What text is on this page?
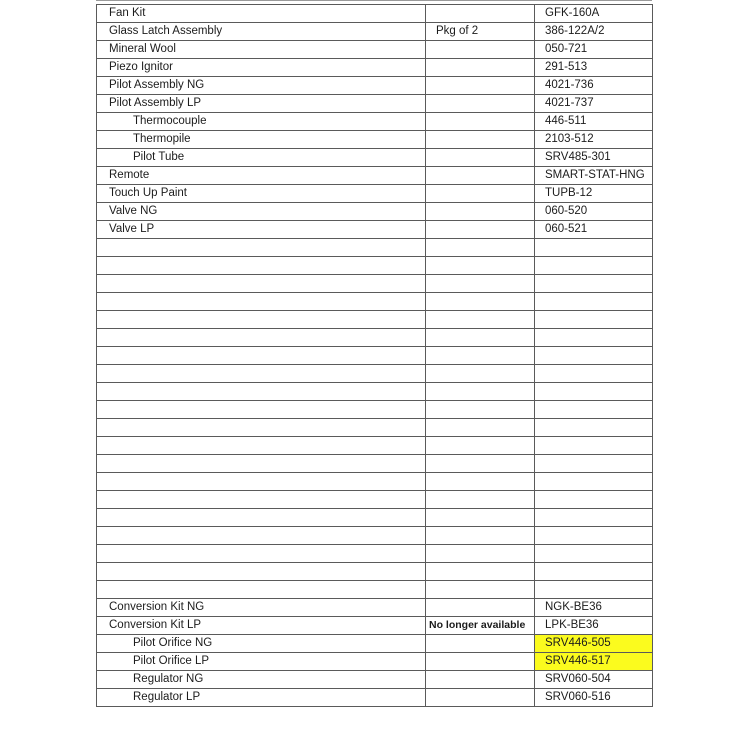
Fan Kit		GFK-160A
Glass Latch Assembly	Pkg of 2	386-122A/2
Mineral Wool		050-721
Piezo Ignitor		291-513
Pilot Assembly NG		4021-736
Pilot Assembly LP		4021-737
Thermocouple		446-511
Thermopile		2103-512
Pilot Tube		SRV485-301
Remote		SMART-STAT-HNG
Touch Up Paint		TUPB-12
Valve NG		060-520
Valve LP		060-521

Conversion Kit NG		NGK-BE36
Conversion Kit LP	No longer available	LPK-BE36
Pilot Orifice NG		SRV446-505
Pilot Orifice LP		SRV446-517
Regulator NG		SRV060-504
Regulator LP		SRV060-516
